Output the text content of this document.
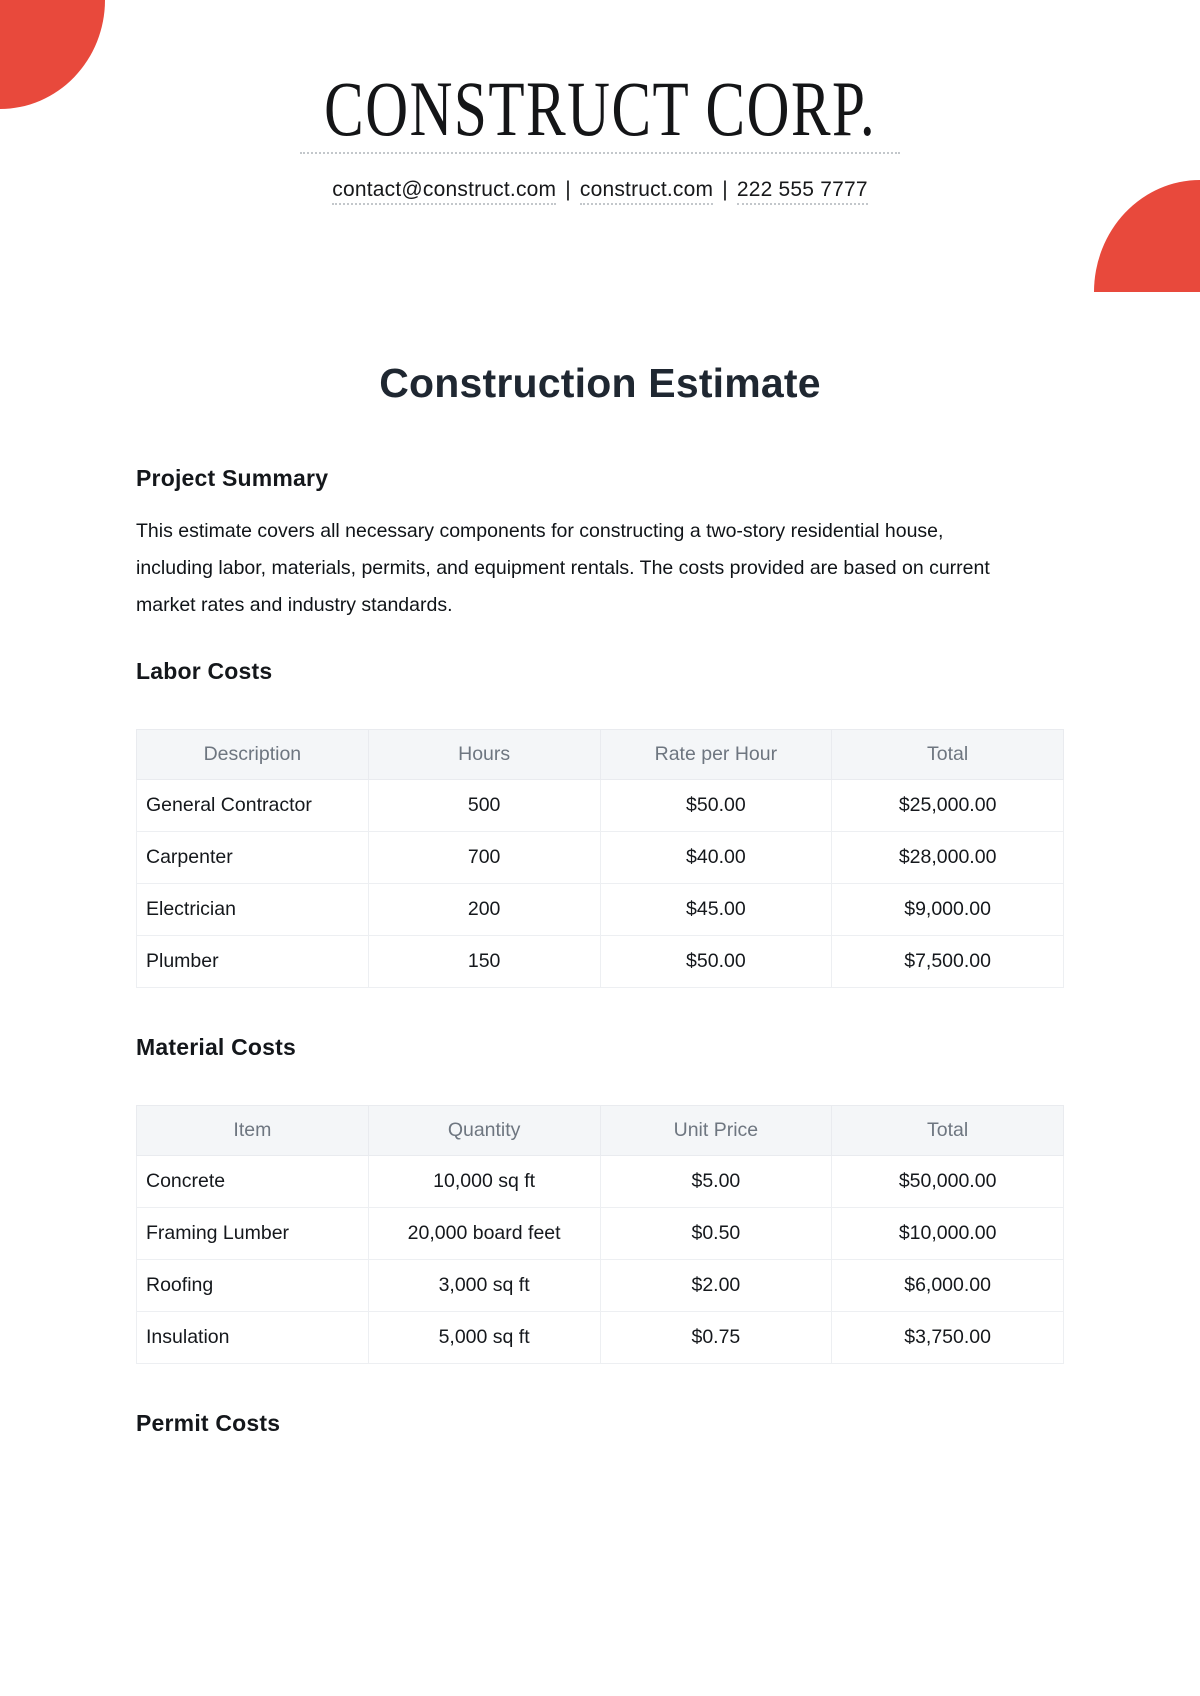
CONSTRUCT CORP.
contact@construct.com | construct.com | 222 555 7777
Construction Estimate
Project Summary

This estimate covers all necessary components for constructing a two-story residential house, including labor, materials, permits, and equipment rentals. The costs provided are based on current market rates and industry standards.

Labor Costs
Description	Hours	Rate per Hour	Total
General Contractor	500	$50.00	$25,000.00
Carpenter	700	$40.00	$28,000.00
Electrician	200	$45.00	$9,000.00
Plumber	150	$50.00	$7,500.00
Material Costs
Item	Quantity	Unit Price	Total
Concrete	10,000 sq ft	$5.00	$50,000.00
Framing Lumber	20,000 board feet	$0.50	$10,000.00
Roofing	3,000 sq ft	$2.00	$6,000.00
Insulation	5,000 sq ft	$0.75	$3,750.00
Permit Costs
